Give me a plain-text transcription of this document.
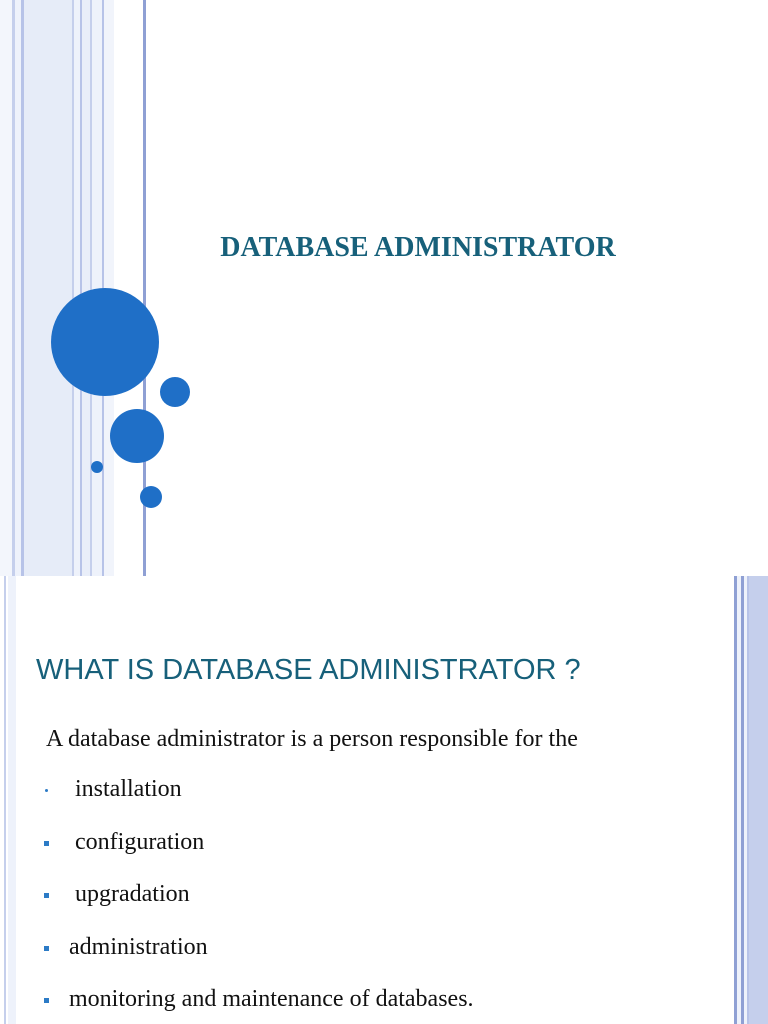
DATABASE ADMINISTRATOR
WHAT IS DATABASE ADMINISTRATOR ?
A database administrator is a person responsible for the
installation
configuration
upgradation
administration
monitoring and maintenance of databases.
